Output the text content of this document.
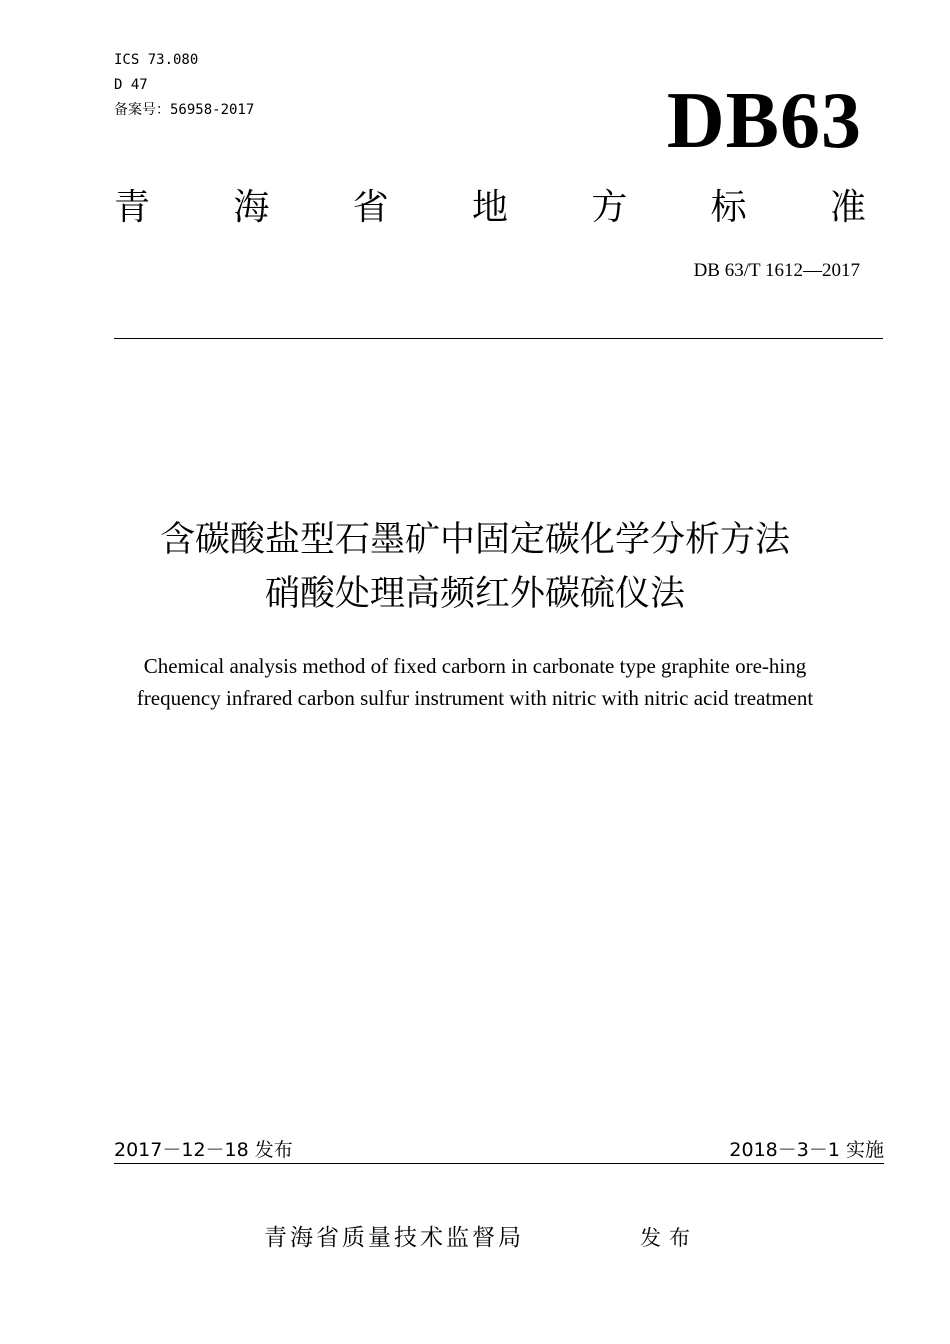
ICS 73.080
D 47
备案号：56958-2017	DB63
青 海 省 地 方 标 准
DB 63/T 1612—2017
含碳酸盐型石墨矿中固定碳化学分析方法
硝酸处理高频红外碳硫仪法
Chemical analysis method of fixed carborn in carbonate type graphite ore-hing
frequency infrared carbon sulfur instrument with nitric with nitric acid treatment
2017－12－18 发布	2018－3－1 实施
青海省质量技术监督局	发布
